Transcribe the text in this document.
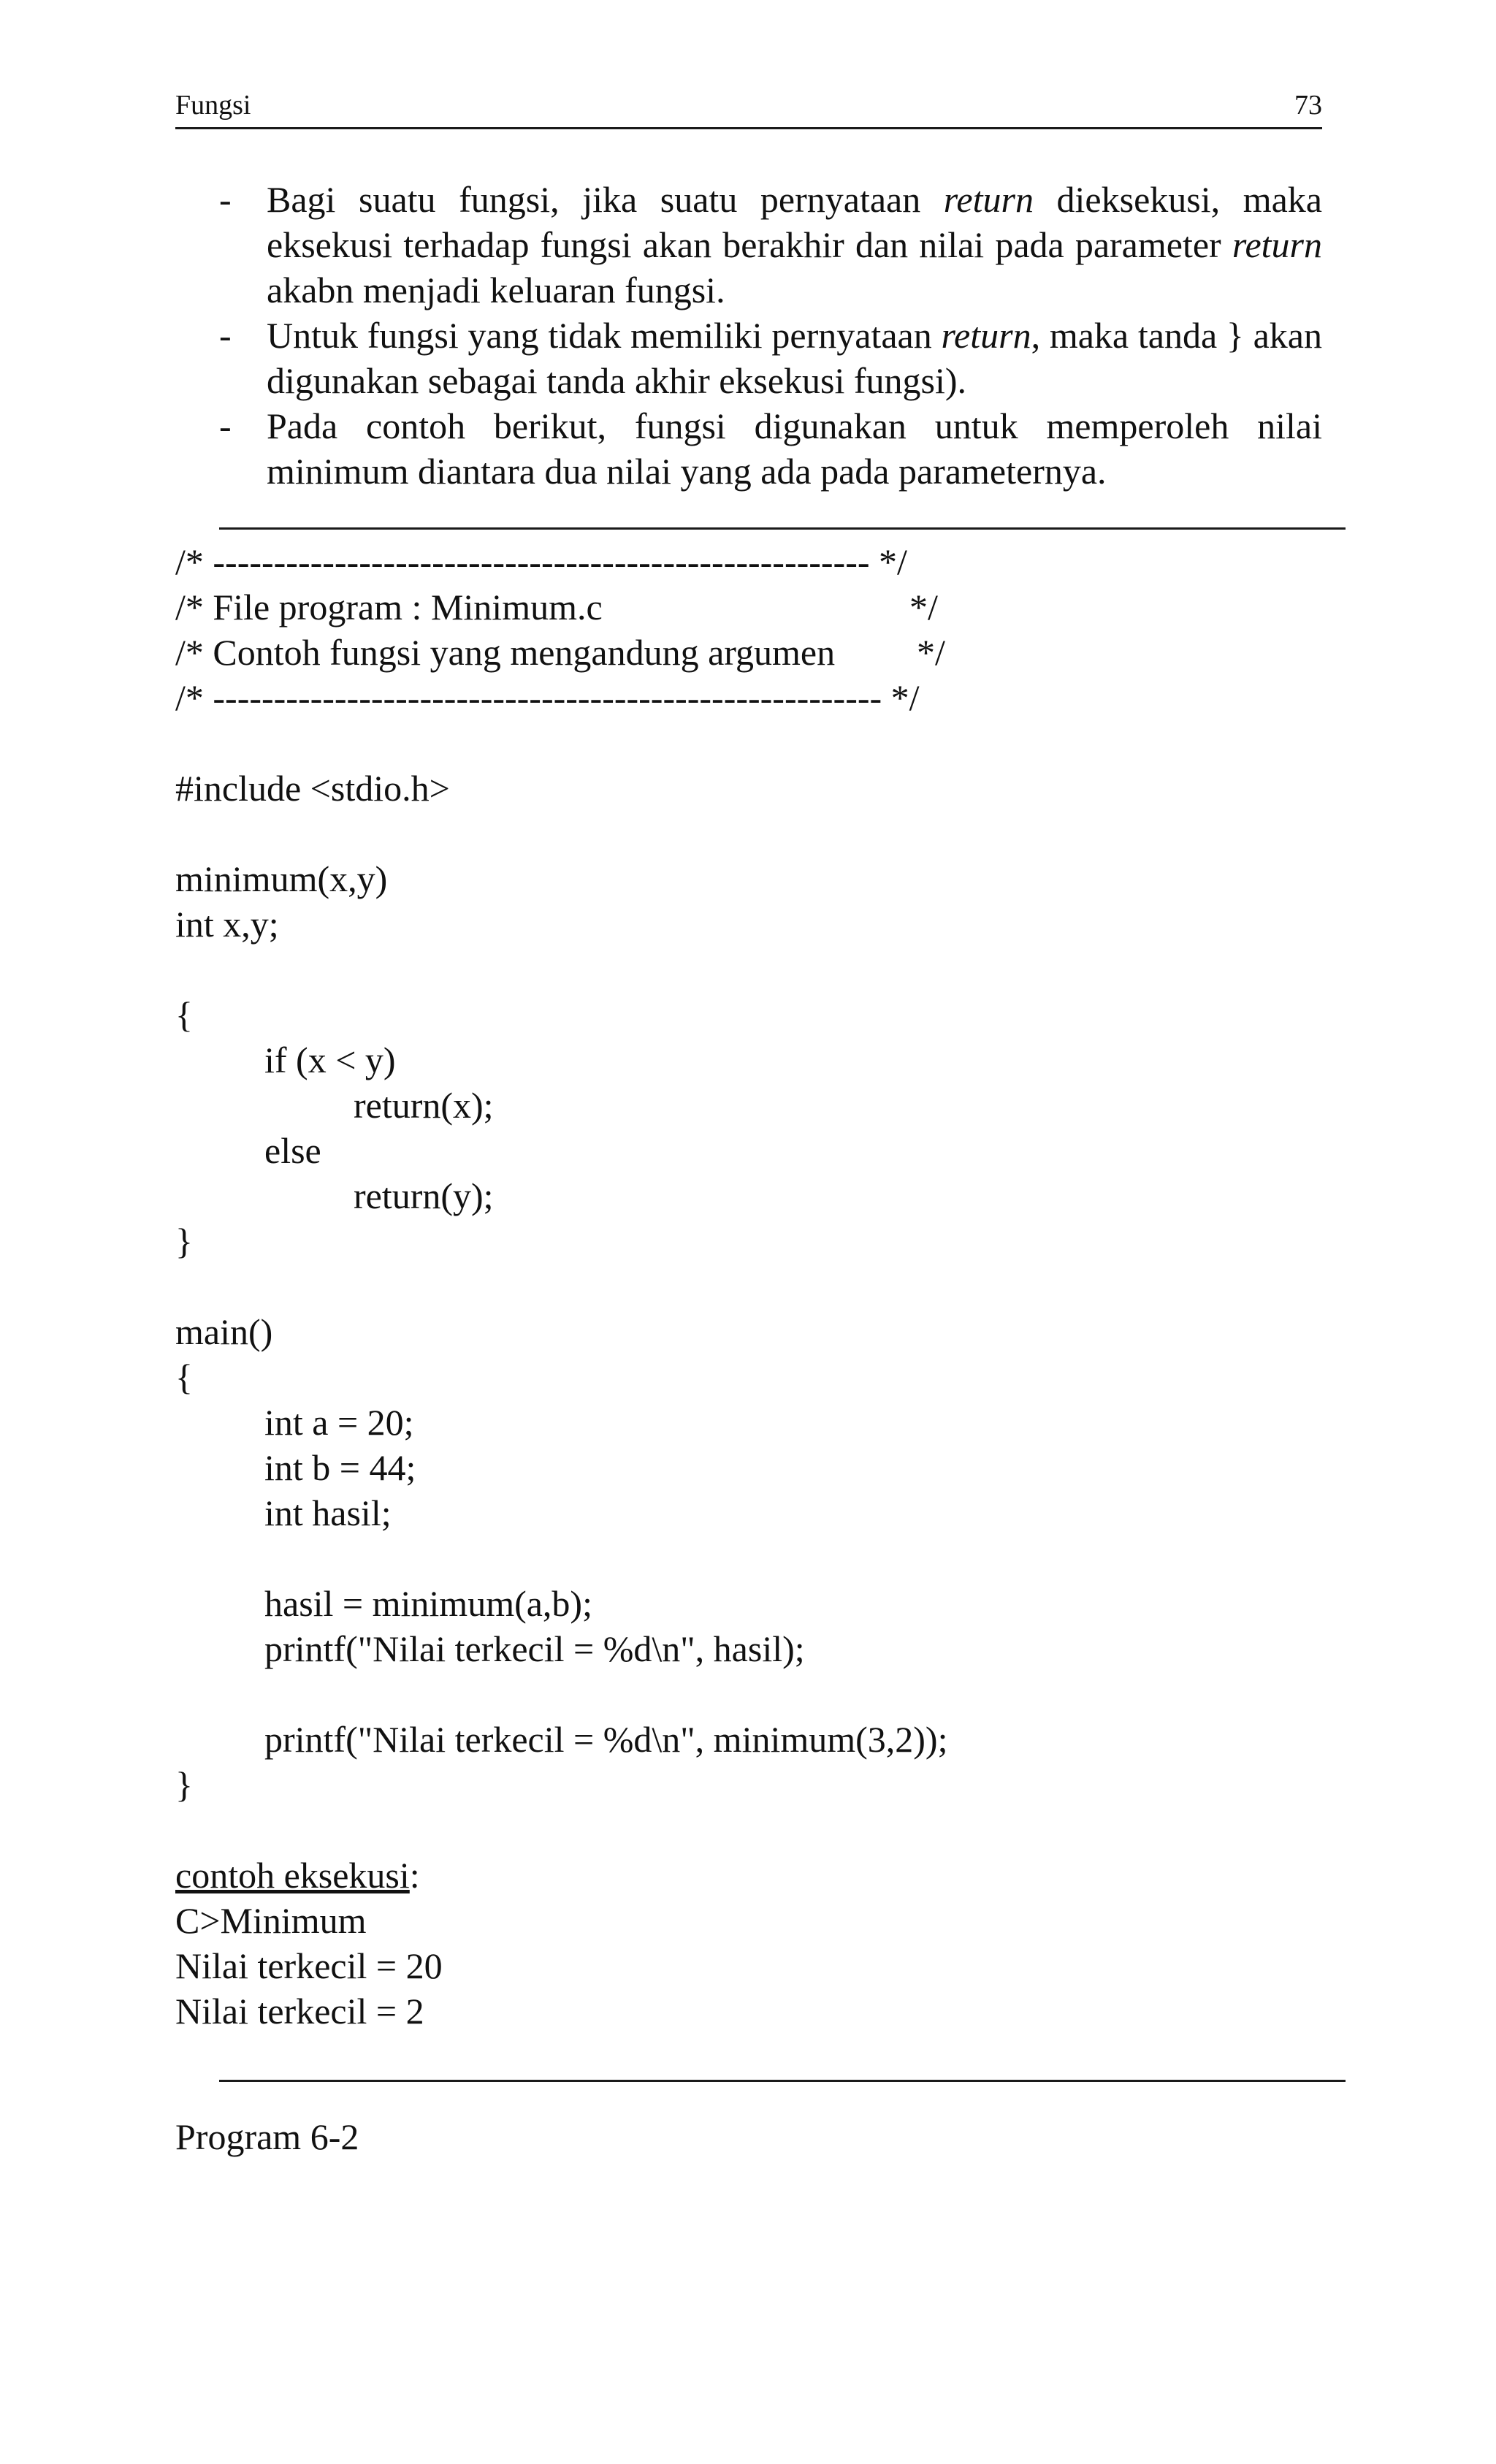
Fungsi	73
- Bagi suatu fungsi, jika suatu pernyataan return dieksekusi, maka eksekusi terhadap fungsi akan berakhir dan nilai pada parameter return akabn menjadi keluaran fungsi.
- Untuk fungsi yang tidak memiliki pernyataan return, maka tanda } akan digunakan sebagai tanda akhir eksekusi fungsi).
- Pada contoh berikut, fungsi digunakan untuk memperoleh nilai minimum diantara dua nilai yang ada pada parameternya.
/* ------------------------------------------------------ */
/* File program : Minimum.c	*/
/* Contoh fungsi yang mengandung argumen */
/* ------------------------------------------------------- */
#include <stdio.h>
minimum(x,y)
int x,y;
{
if (x < y)
return(x);
else
return(y);
}
main()
{
int a = 20;
int b = 44;
int hasil;
hasil = minimum(a,b);
printf("Nilai terkecil = %d\n", hasil);
printf("Nilai terkecil = %d\n", minimum(3,2));
}
contoh eksekusi:
C>Minimum
Nilai terkecil = 20
Nilai terkecil = 2
Program 6-2
